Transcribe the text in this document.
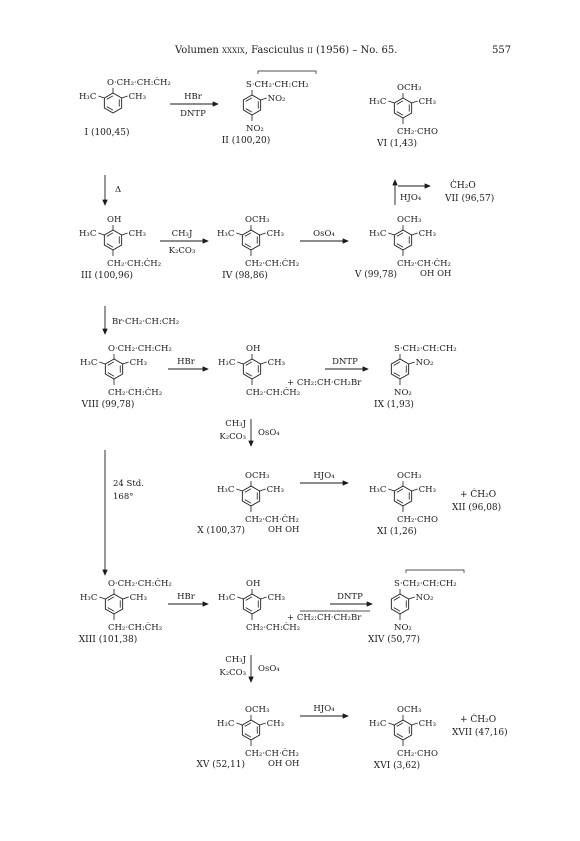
Volumen xxxix, Fasciculus ii (1956) – No. 65.	557
O·CH₂·CH:ĊH₂
H₃C	CH₃
I (100,45)
S·CH₂·CH:CH₂
NO₂
NO₂
II (100,20)
OCH₃
H₃C	CH₃
CH₂·CHO
VI (1,43)
OH
H₃C	CH₃
CH₂·CH:ĊH₂
III (100,96)
OCH₃
H₃C	CH₃
CH₂·CH:ĊH₂
IV (98,86)
OCH₃
H₃C	CH₃
CH₂·CH·ĊH₂
OH OH
V (99,78)
O·CH₂·CH:CH₂
H₃C	CH₃
CH₂·CH:ĊH₂
VIII (99,78)
OH
H₃C	CH₃
CH₂·CH:ĊH₂
S·CH₂·CH:CH₂
NO₂
NO₂
IX (1,93)
OCH₃
H₃C	CH₃
CH₂·CH·ĊH₂
OH OH
X (100,37)
OCH₃
H₃C	CH₃
CH₂·CHO
XI (1,26)
O·CH₂·CH:ĊH₂
H₃C	CH₃
CH₂·CH:ĊH₂
XIII (101,38)
OH
H₃C	CH₃
CH₂·CH:ĊH₂
S·CH₂·CH:CH₂
NO₂
NO₂
XIV (50,77)
OCH₃
H₃C	CH₃
CH₂·CH·ĊH₂
OH OH
XV (52,11)
OCH₃
H₃C	CH₃
CH₂·CHO
XVI (3,62)
HBr
DNTP
CH₃J
K₂CO₃
OsO₄
HBr	DNTP
HJO₄
HBr	DNTP
HJO₄
Δ
Br·CH₂·CH:CH₂
24 Std.
168°
CH₃J
K₂CO₃ OsO₄
CH₃J
K₂CO₃ OsO₄
HJO₄
ĊH₂O
VII (96,57)
+ ĊH₂O
XII (96,08)
+ ĊH₂O
XVII (47,16)
+ CH₂:CH·CH₂Br
+ CH₂:CH·CH₂Br
